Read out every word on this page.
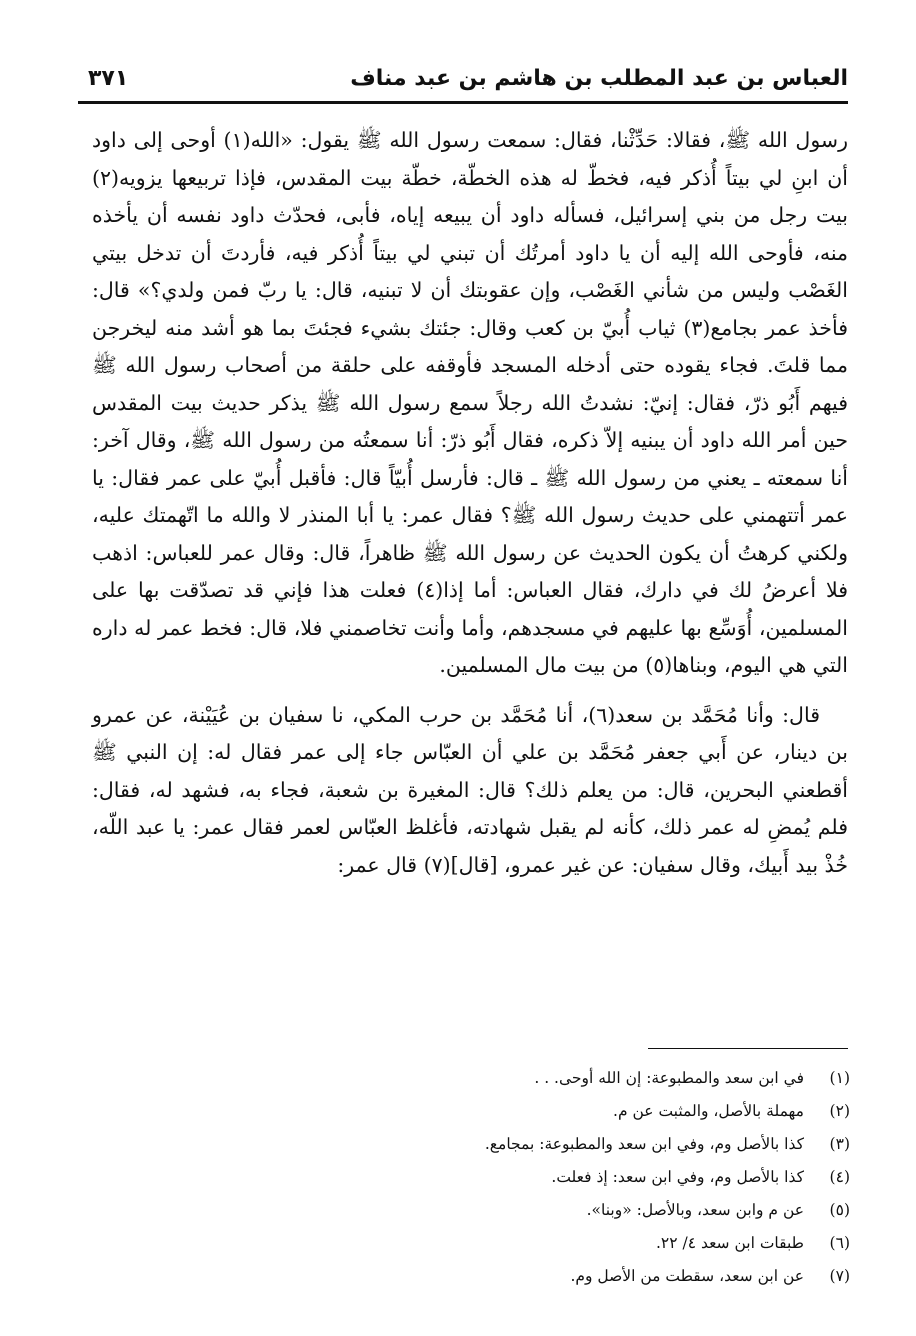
العباس بن عبد المطلب بن هاشم بن عبد مناف
٣٧١

رسول الله ﷺ، فقالا: حَدِّثْنا، فقال: سمعت رسول الله ﷺ يقول: «الله(١) أوحى إلى داود أن ابنِ لي بيتاً أُذكر فيه، فخطّ له هذه الخطّة، خطّة بيت المقدس، فإذا تربيعها يزويه(٢) بيت رجل من بني إسرائيل، فسأله داود أن يبيعه إياه، فأبى، فحدّث داود نفسه أن يأخذه منه، فأوحى الله إليه أن يا داود أمرتُك أن تبني لي بيتاً أُذكر فيه، فأردتَ أن تدخل بيتي الغَصْب وليس من شأني الغَصْب، وإن عقوبتك أن لا تبنيه، قال: يا ربّ فمن ولدي؟» قال: فأخذ عمر بجامع(٣) ثياب أُبيّ بن كعب وقال: جئتك بشيء فجئتَ بما هو أشد منه ليخرجن مما قلتَ. فجاء يقوده حتى أدخله المسجد فأوقفه على حلقة من أصحاب رسول الله ﷺ فيهم أَبُو ذرّ، فقال: إنيّ: نشدتُ الله رجلاً سمع رسول الله ﷺ يذكر حديث بيت المقدس حين أمر الله داود أن يبنيه إلاّ ذكره، فقال أَبُو ذرّ: أنا سمعتُه من رسول الله ﷺ، وقال آخر: أنا سمعته ـ يعني من رسول الله ﷺ ـ قال: فأرسل أُبيّاً قال: فأقبل أُبيّ على عمر فقال: يا عمر أتتهمني على حديث رسول الله ﷺ؟ فقال عمر: يا أبا المنذر لا والله ما اتّهمتك عليه، ولكني كرهتُ أن يكون الحديث عن رسول الله ﷺ ظاهراً، قال: وقال عمر للعباس: اذهب فلا أعرضُ لك في دارك، فقال العباس: أما إذا(٤) فعلت هذا فإني قد تصدّقت بها على المسلمين، أُوَسِّع بها عليهم في مسجدهم، وأما وأنت تخاصمني فلا، قال: فخط عمر له داره التي هي اليوم، وبناها(٥) من بيت مال المسلمين.

قال: وأنا مُحَمَّد بن سعد(٦)، أنا مُحَمَّد بن حرب المكي، نا سفيان بن عُيَيْنة، عن عمرو بن دينار، عن أَبي جعفر مُحَمَّد بن علي أن العبّاس جاء إلى عمر فقال له: إن النبي ﷺ أقطعني البحرين، قال: من يعلم ذلك؟ قال: المغيرة بن شعبة، فجاء به، فشهد له، فقال: فلم يُمضِ له عمر ذلك، كأنه لم يقبل شهادته، فأغلظ العبّاس لعمر فقال عمر: يا عبد اللّه، خُذْ بيد أَبيك، وقال سفيان: عن غير عمرو، [قال](٧) قال عمر:

(١)في ابن سعد والمطبوعة: إن الله أوحى. . .
(٢)مهملة بالأصل، والمثبت عن م.
(٣)كذا بالأصل وم، وفي ابن سعد والمطبوعة: بمجامع.
(٤)كذا بالأصل وم، وفي ابن سعد: إذ فعلت.
(٥)عن م وابن سعد، وبالأصل: «وبنا».
(٦)طبقات ابن سعد ٤/ ٢٢.
(٧)عن ابن سعد، سقطت من الأصل وم.
